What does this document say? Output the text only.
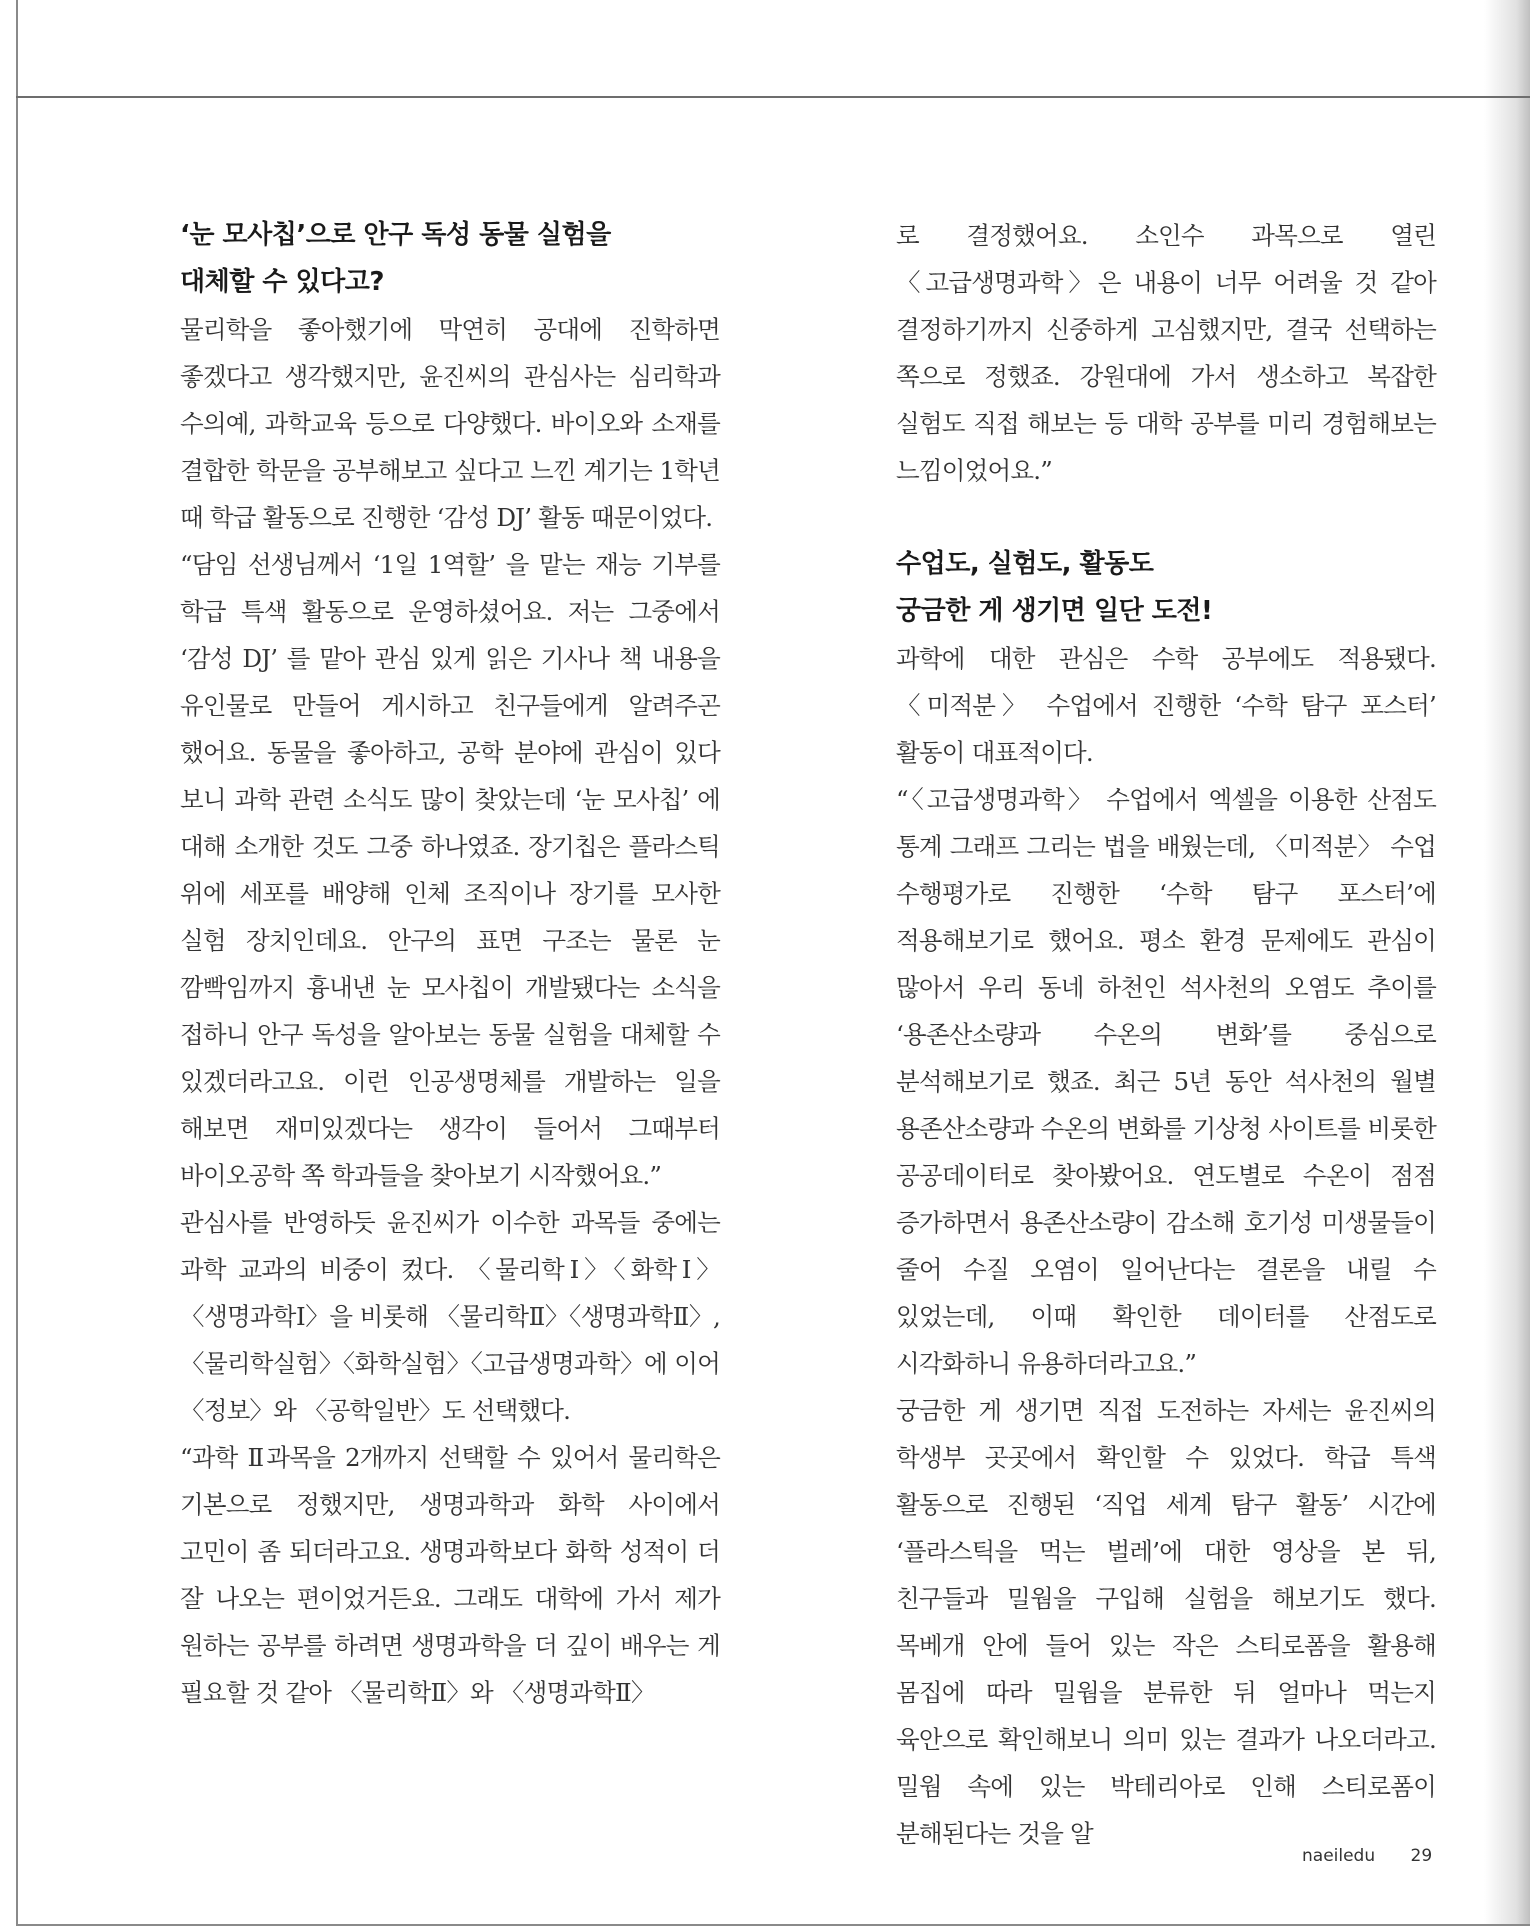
‘눈 모사칩’으로 안구 독성 동물 실험을

대체할 수 있다고?

물리학을 좋아했기에 막연히 공대에 진학하면 좋겠다고 생각했지만, 윤진씨의 관심사는 심리학과 수의예, 과학교육 등으로 다양했다. 바이오와 소재를 결합한 학문을 공부해보고 싶다고 느낀 계기는 1학년 때 학급 활동으로 진행한 ‘감성 DJ’ 활동 때문이었다.

“담임 선생님께서 ‘1일 1역할’ 을 맡는 재능 기부를 학급 특색 활동으로 운영하셨어요. 저는 그중에서 ‘감성 DJ’ 를 맡아 관심 있게 읽은 기사나 책 내용을 유인물로 만들어 게시하고 친구들에게 알려주곤 했어요. 동물을 좋아하고, 공학 분야에 관심이 있다 보니 과학 관련 소식도 많이 찾았는데 ‘눈 모사칩’ 에 대해 소개한 것도 그중 하나였죠. 장기칩은 플라스틱 위에 세포를 배양해 인체 조직이나 장기를 모사한 실험 장치인데요. 안구의 표면 구조는 물론 눈 깜빡임까지 흉내낸 눈 모사칩이 개발됐다는 소식을 접하니 안구 독성을 알아보는 동물 실험을 대체할 수 있겠더라고요. 이런 인공생명체를 개발하는 일을 해보면 재미있겠다는 생각이 들어서 그때부터 바이오공학 쪽 학과들을 찾아보기 시작했어요.”

관심사를 반영하듯 윤진씨가 이수한 과목들 중에는 과학 교과의 비중이 컸다. 〈물리학Ⅰ〉〈화학Ⅰ〉〈생명과학Ⅰ〉을 비롯해 〈물리학Ⅱ〉〈생명과학Ⅱ〉, 〈물리학실험〉〈화학실험〉〈고급생명과학〉에 이어 〈정보〉와 〈공학일반〉도 선택했다.

“과학 Ⅱ과목을 2개까지 선택할 수 있어서 물리학은 기본으로 정했지만, 생명과학과 화학 사이에서 고민이 좀 되더라고요. 생명과학보다 화학 성적이 더 잘 나오는 편이었거든요. 그래도 대학에 가서 제가 원하는 공부를 하려면 생명과학을 더 깊이 배우는 게 필요할 것 같아 〈물리학Ⅱ〉와 〈생명과학Ⅱ〉

로 결정했어요. 소인수 과목으로 열린 〈고급생명과학〉은 내용이 너무 어려울 것 같아 결정하기까지 신중하게 고심했지만, 결국 선택하는 쪽으로 정했죠. 강원대에 가서 생소하고 복잡한 실험도 직접 해보는 등 대학 공부를 미리 경험해보는 느낌이었어요.”

수업도, 실험도, 활동도

궁금한 게 생기면 일단 도전!

과학에 대한 관심은 수학 공부에도 적용됐다. 〈미적분〉 수업에서 진행한 ‘수학 탐구 포스터’ 활동이 대표적이다.

“〈고급생명과학〉 수업에서 엑셀을 이용한 산점도 통계 그래프 그리는 법을 배웠는데, 〈미적분〉 수업 수행평가로 진행한 ‘수학 탐구 포스터’에 적용해보기로 했어요. 평소 환경 문제에도 관심이 많아서 우리 동네 하천인 석사천의 오염도 추이를 ‘용존산소량과 수온의 변화’를 중심으로 분석해보기로 했죠. 최근 5년 동안 석사천의 월별 용존산소량과 수온의 변화를 기상청 사이트를 비롯한 공공데이터로 찾아봤어요. 연도별로 수온이 점점 증가하면서 용존산소량이 감소해 호기성 미생물들이 줄어 수질 오염이 일어난다는 결론을 내릴 수 있었는데, 이때 확인한 데이터를 산점도로 시각화하니 유용하더라고요.”

궁금한 게 생기면 직접 도전하는 자세는 윤진씨의 학생부 곳곳에서 확인할 수 있었다. 학급 특색 활동으로 진행된 ‘직업 세계 탐구 활동’ 시간에 ‘플라스틱을 먹는 벌레’에 대한 영상을 본 뒤, 친구들과 밀웜을 구입해 실험을 해보기도 했다. 목베개 안에 들어 있는 작은 스티로폼을 활용해 몸집에 따라 밀웜을 분류한 뒤 얼마나 먹는지 육안으로 확인해보니 의미 있는 결과가 나오더라고. 밀웜 속에 있는 박테리아로 인해 스티로폼이 분해된다는 것을 알

naeiledu 29
